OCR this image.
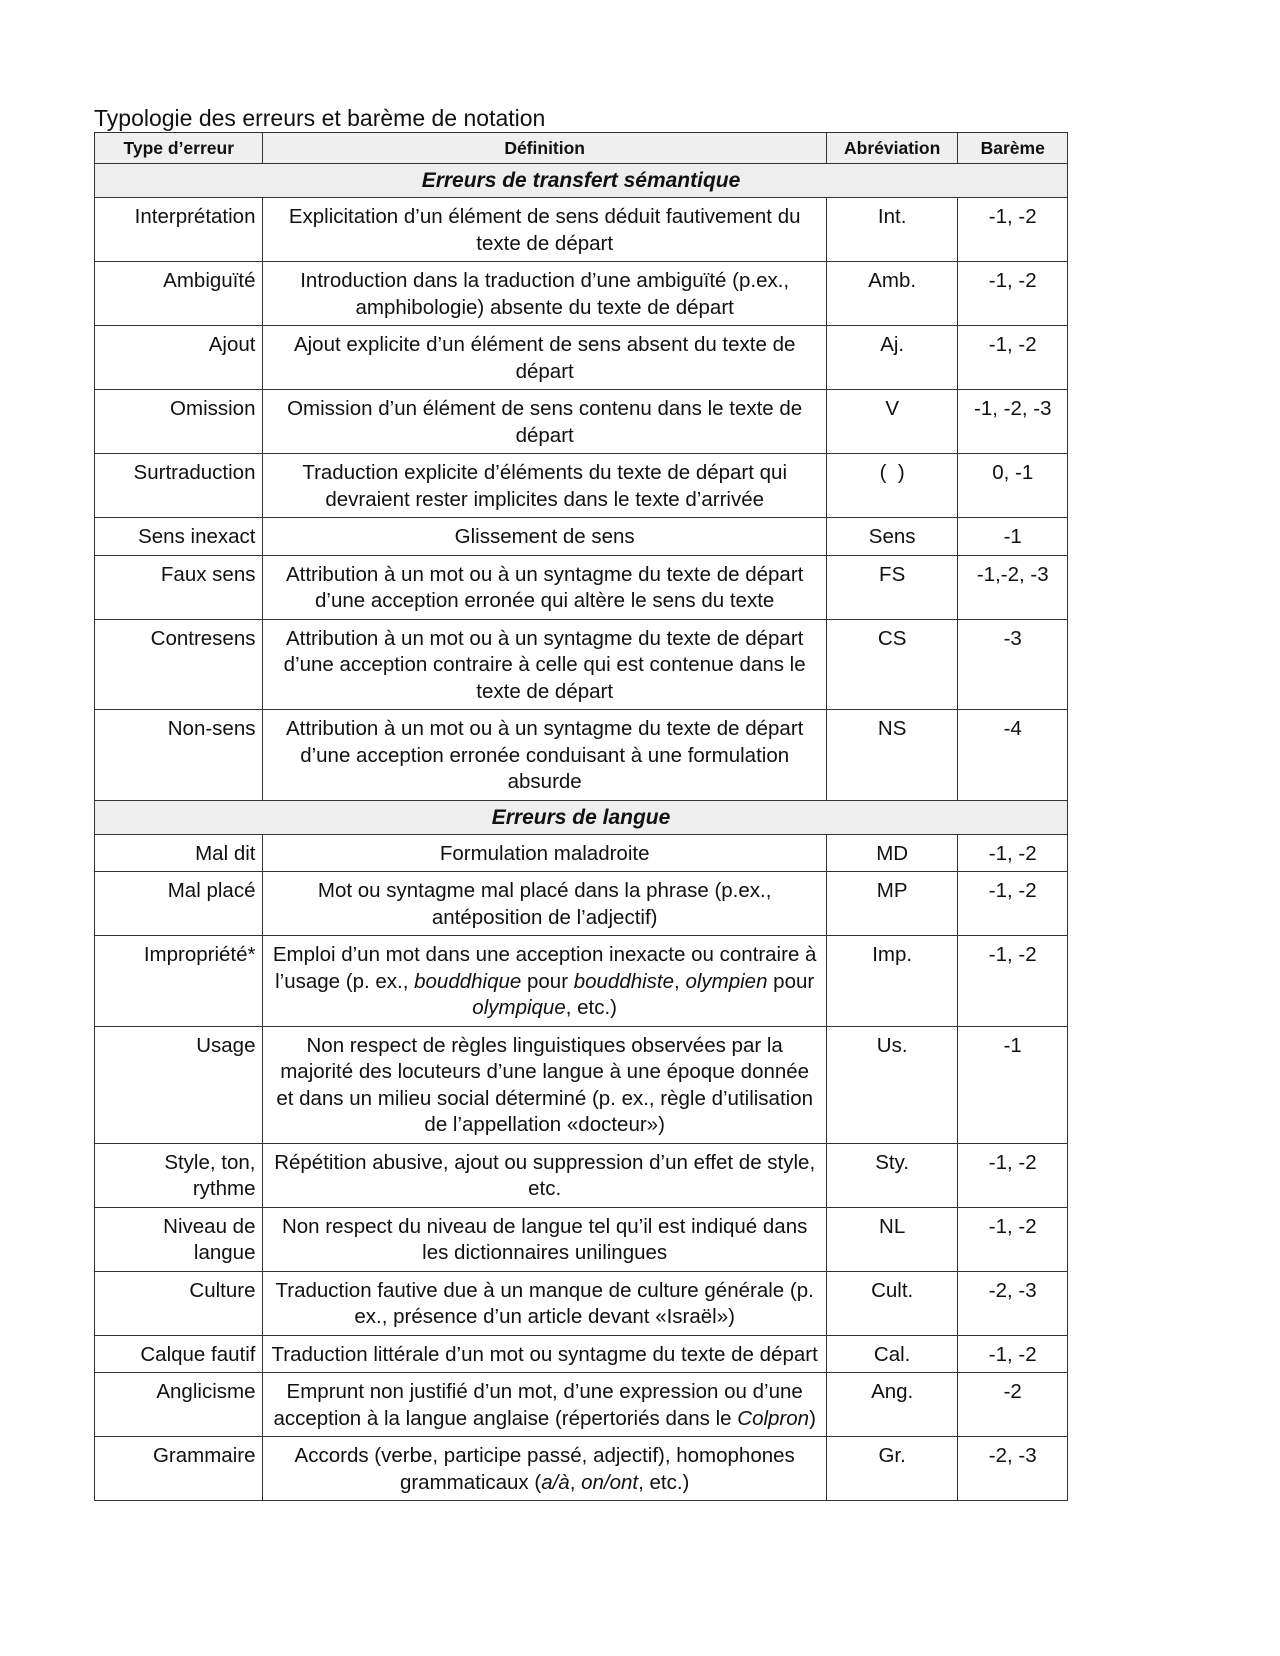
Typologie des erreurs et barème de notation
Type d’erreur	Définition	Abréviation	Barème
Erreurs de transfert sémantique			
Interprétation	Explicitation d’un élément de sens déduit fautivement du texte de départ	Int.	-1, -2
Ambiguïté	Introduction dans la traduction d’une ambiguïté (p.ex., amphibologie) absente du texte de départ	Amb.	-1, -2
Ajout	Ajout explicite d’un élément de sens absent du texte de départ	Aj.	-1, -2
Omission	Omission d’un élément de sens contenu dans le texte de départ	V	-1, -2, -3
Surtraduction	Traduction explicite d’éléments du texte de départ qui devraient rester implicites dans le texte d’arrivée	(  )	0, -1
Sens inexact	Glissement de sens	Sens	-1
Faux sens	Attribution à un mot ou à un syntagme du texte de départ d’une acception erronée qui altère le sens du texte	FS	-1,-2, -3
Contresens	Attribution à un mot ou à un syntagme du texte de départ d’une acception contraire à celle qui est contenue dans le texte de départ	CS	-3
Non-sens	Attribution à un mot ou à un syntagme du texte de départ d’une acception erronée conduisant à une formulation absurde	NS	-4
Erreurs de langue			
Mal dit	Formulation maladroite	MD	-1, -2
Mal placé	Mot ou syntagme mal placé dans la phrase (p.ex., antéposition de l’adjectif)	MP	-1, -2
Impropriété*	Emploi d’un mot dans une acception inexacte ou contraire à l’usage (p. ex., bouddhique pour bouddhiste, olympien pour olympique, etc.)	Imp.	-1, -2
Usage	Non respect de règles linguistiques observées par la majorité des locuteurs d’une langue à une époque donnée et dans un milieu social déterminé (p. ex., règle d’utilisation de l’appellation «docteur»)	Us.	-1
Style, ton, rythme	Répétition abusive, ajout ou suppression d’un effet de style, etc.	Sty.	-1, -2
Niveau de langue	Non respect du niveau de langue tel qu’il est indiqué dans les dictionnaires unilingues	NL	-1, -2
Culture	Traduction fautive due à un manque de culture générale (p. ex., présence d’un article devant «Israël»)	Cult.	-2, -3
Calque fautif	Traduction littérale d’un mot ou syntagme du texte de départ	Cal.	-1, -2
Anglicisme	Emprunt non justifié d’un mot, d’une expression ou d’une acception à la langue anglaise (répertoriés dans le Colpron)	Ang.	-2
Grammaire	Accords (verbe, participe passé, adjectif), homophones grammaticaux (a/à, on/ont, etc.)	Gr.	-2, -3
